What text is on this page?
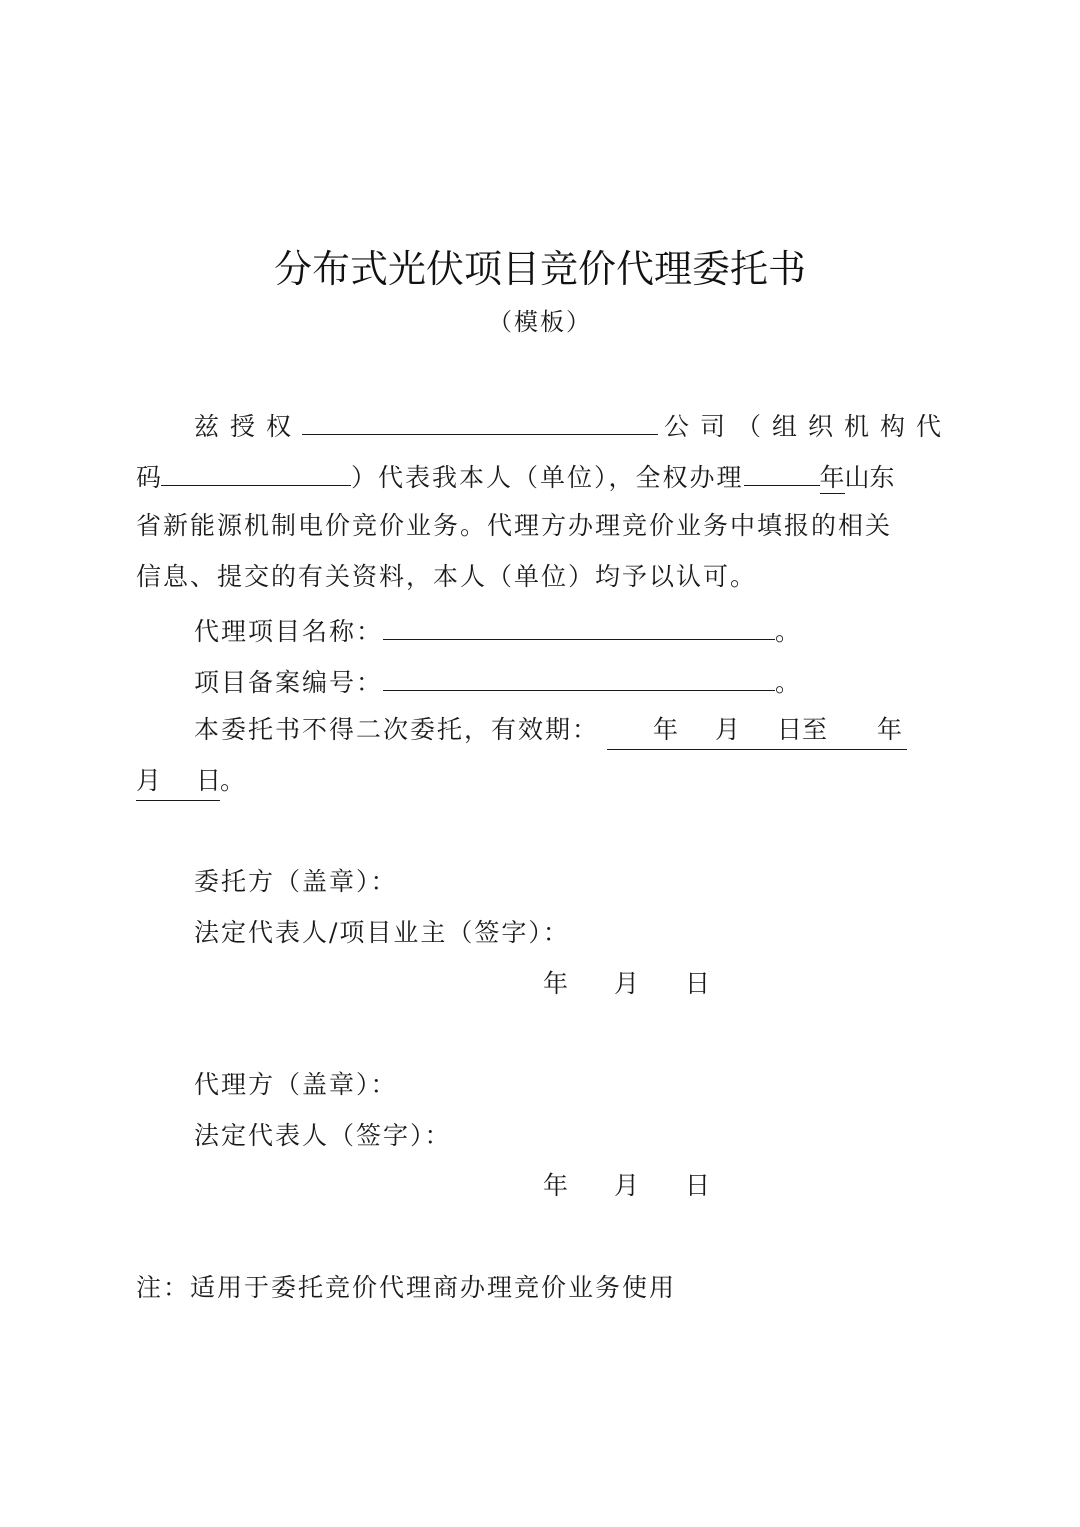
分布式光伏项目竞价代理委托书
（模板）
兹授权	公司（组织机构代
码	）代表我本人（单位），全权办理	年山东
省新能源机制电价竞价业务。代理方办理竞价业务中填报的相关
信息、提交的有关资料，本人（单位）均予以认可。
代理项目名称：	。
项目备案编号：	。
本委托书不得二次委托，有效期： 年 月 日至 年

月 日
。
委托方（盖章）：
法定代表人/项目业主（签字）：
年 月 日
代理方（盖章）：
法定代表人（签字）：
年 月 日
注：适用于委托竞价代理商办理竞价业务使用
